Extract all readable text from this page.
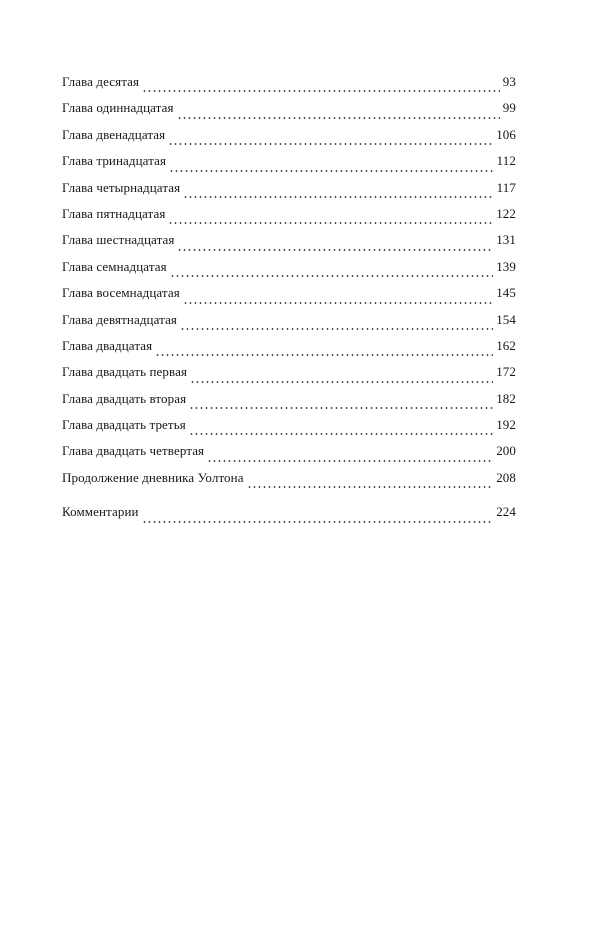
Глава десятая	93
Глава одиннадцатая	99
Глава двенадцатая	106
Глава тринадцатая	112
Глава четырнадцатая	117
Глава пятнадцатая	122
Глава шестнадцатая	131
Глава семнадцатая	139
Глава восемнадцатая	145
Глава девятнадцатая	154
Глава двадцатая	162
Глава двадцать первая	172
Глава двадцать вторая	182
Глава двадцать третья	192
Глава двадцать четвертая	200
Продолжение дневника Уолтона	208
Комментарии	224
